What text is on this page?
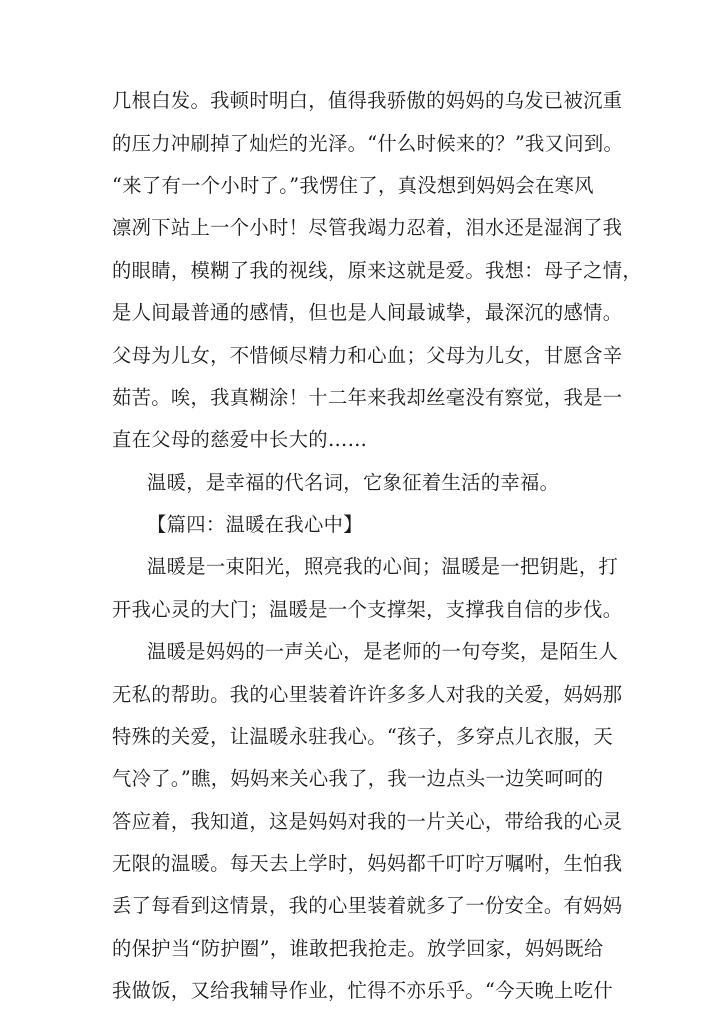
几根白发。我顿时明白，值得我骄傲的妈妈的乌发已被沉重
的压力冲刷掉了灿烂的光泽。“什么时候来的？”我又问到。
“来了有一个小时了。”我愣住了，真没想到妈妈会在寒风
凛冽下站上一个小时！尽管我竭力忍着，泪水还是湿润了我
的眼睛，模糊了我的视线，原来这就是爱。我想：母子之情，
是人间最普通的感情，但也是人间最诚挚，最深沉的感情。
父母为儿女，不惜倾尽精力和心血；父母为儿女，甘愿含辛
茹苦。唉，我真糊涂！十二年来我却丝毫没有察觉，我是一
直在父母的慈爱中长大的……
温暖，是幸福的代名词，它象征着生活的幸福。
【篇四：温暖在我心中】
温暖是一束阳光，照亮我的心间；温暖是一把钥匙，打
开我心灵的大门；温暖是一个支撑架，支撑我自信的步伐。
温暖是妈妈的一声关心，是老师的一句夸奖，是陌生人
无私的帮助。我的心里装着许许多多人对我的关爱，妈妈那
特殊的关爱，让温暖永驻我心。“孩子，多穿点儿衣服，天
气冷了。”瞧，妈妈来关心我了，我一边点头一边笑呵呵的
答应着，我知道，这是妈妈对我的一片关心，带给我的心灵
无限的温暖。每天去上学时，妈妈都千叮咛万嘱咐，生怕我
丢了每看到这情景，我的心里装着就多了一份安全。有妈妈
的保护当“防护圈”，谁敢把我抢走。放学回家，妈妈既给
我做饭，又给我辅导作业，忙得不亦乐乎。“今天晚上吃什
